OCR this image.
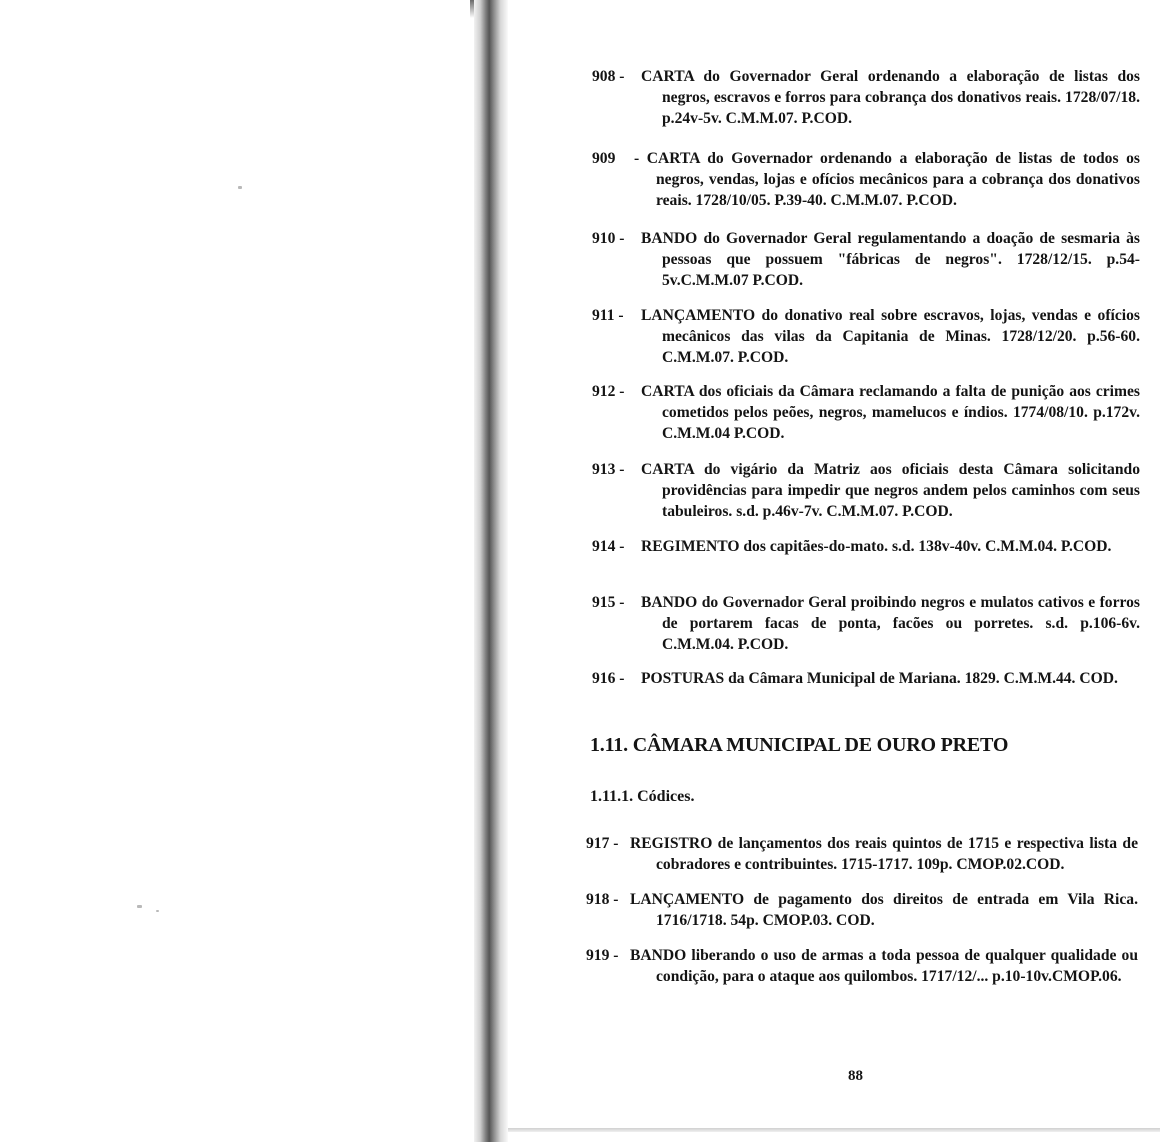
908 - CARTA do Governador Geral ordenando a elaboração de listas dos negros, escravos e forros para cobrança dos donativos reais. 1728/07/18. p.24v-5v. C.M.M.07. P.COD.
909 - CARTA do Governador ordenando a elaboração de listas de todos os negros, vendas, lojas e ofícios mecânicos para a cobrança dos donativos reais. 1728/10/05. P.39-40. C.M.M.07. P.COD.
910 - BANDO do Governador Geral regulamentando a doação de sesmaria às pessoas que possuem "fábricas de negros". 1728/12/15. p.54-5v.C.M.M.07 P.COD.
911 - LANÇAMENTO do donativo real sobre escravos, lojas, vendas e ofícios mecânicos das vilas da Capitania de Minas. 1728/12/20. p.56-60. C.M.M.07. P.COD.
912 - CARTA dos oficiais da Câmara reclamando a falta de punição aos crimes cometidos pelos peões, negros, mamelucos e índios. 1774/08/10. p.172v. C.M.M.04 P.COD.
913 - CARTA do vigário da Matriz aos oficiais desta Câmara solicitando providências para impedir que negros andem pelos caminhos com seus tabuleiros. s.d. p.46v-7v. C.M.M.07. P.COD.
914 - REGIMENTO dos capitães-do-mato. s.d. 138v-40v. C.M.M.04. P.COD.
915 - BANDO do Governador Geral proibindo negros e mulatos cativos e forros de portarem facas de ponta, facões ou porretes. s.d. p.106-6v. C.M.M.04. P.COD.
916 - POSTURAS da Câmara Municipal de Mariana. 1829. C.M.M.44. COD.
1.11. CÂMARA MUNICIPAL DE OURO PRETO
1.11.1. Códices.
917 - REGISTRO de lançamentos dos reais quintos de 1715 e respectiva lista de cobradores e contribuintes. 1715-1717. 109p. CMOP.02.COD.
918 - LANÇAMENTO de pagamento dos direitos de entrada em Vila Rica. 1716/1718. 54p. CMOP.03. COD.
919 - BANDO liberando o uso de armas a toda pessoa de qualquer qualidade ou condição, para o ataque aos quilombos. 1717/12/... p.10-10v.CMOP.06.
88
